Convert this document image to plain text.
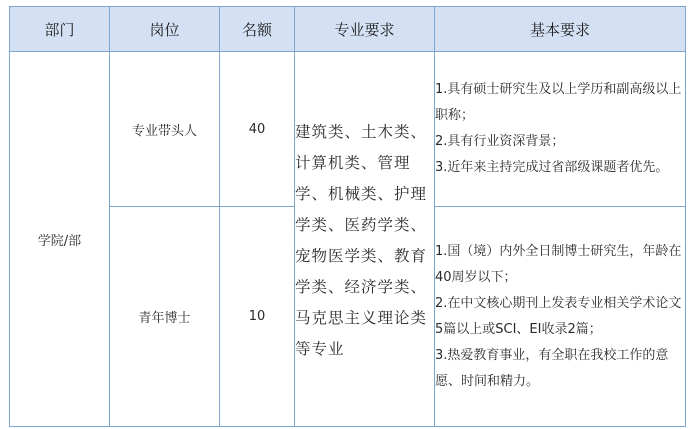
部门	岗位	名额	专业要求	基本要求
学院/部	专业带头人	40	建筑类、土木类、计算机类、管理学、机械类、护理学类、医药学类、宠物医学类、教育学类、经济学类、马克思主义理论类等专业	1.具有硕士研究生及以上学历和副高级以上职称；
2.具有行业资深背景；
3.近年来主持完成过省部级课题者优先。

	青年博士	10		1.国（境）内外全日制博士研究生，年龄在40周岁以下；
2.在中文核心期刊上发表专业相关学术论文5篇以上或SCI、EI收录2篇；
3.热爱教育事业，有全职在我校工作的意愿、时间和精力。
